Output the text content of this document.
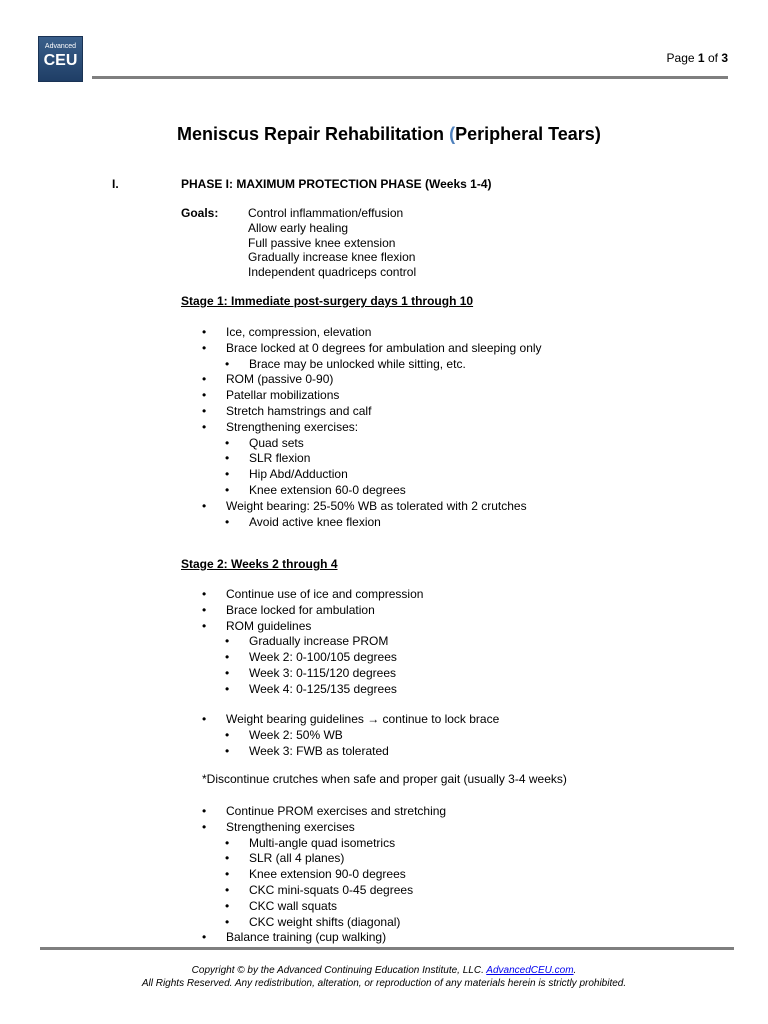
Advanced
CEU	Page 1 of 3
Meniscus Repair Rehabilitation (Peripheral Tears)
I.	PHASE I: MAXIMUM PROTECTION PHASE (Weeks 1-4)
Goals: Control inflammation/effusion
Allow early healing
Full passive knee extension
Gradually increase knee flexion
Independent quadriceps control
Stage 1: Immediate post-surgery days 1 through 10
• Ice, compression, elevation
• Brace locked at 0 degrees for ambulation and sleeping only
• Brace may be unlocked while sitting, etc.
• ROM (passive 0-90)
• Patellar mobilizations
• Stretch hamstrings and calf
• Strengthening exercises:
• Quad sets
• SLR flexion
• Hip Abd/Adduction
• Knee extension 60-0 degrees
• Weight bearing: 25-50% WB as tolerated with 2 crutches
• Avoid active knee flexion
Stage 2: Weeks 2 through 4
• Continue use of ice and compression
• Brace locked for ambulation
• ROM guidelines
• Gradually increase PROM
• Week 2: 0-100/105 degrees
• Week 3: 0-115/120 degrees
• Week 4: 0-125/135 degrees
• Weight bearing guidelines → continue to lock brace
• Week 2: 50% WB
• Week 3: FWB as tolerated
*Discontinue crutches when safe and proper gait (usually 3-4 weeks)
• Continue PROM exercises and stretching
• Strengthening exercises
• Multi-angle quad isometrics
• SLR (all 4 planes)
• Knee extension 90-0 degrees
• CKC mini-squats 0-45 degrees
• CKC wall squats
• CKC weight shifts (diagonal)
• Balance training (cup walking)
Copyright © by the Advanced Continuing Education Institute, LLC. AdvancedCEU.com.
All Rights Reserved. Any redistribution, alteration, or reproduction of any materials herein is strictly prohibited.
